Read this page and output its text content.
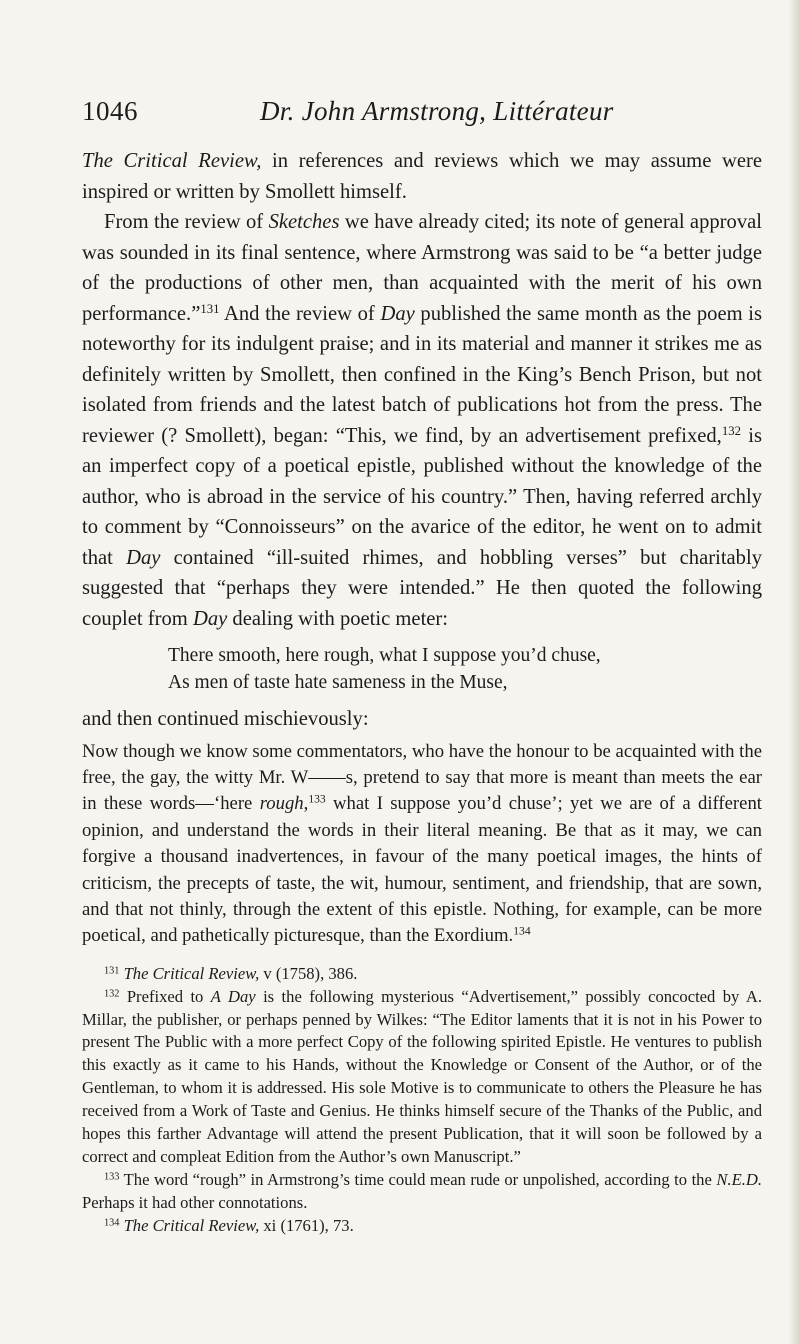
1046	Dr. John Armstrong, Littérateur

The Critical Review, in references and reviews which we may assume were inspired or written by Smollett himself.

From the review of Sketches we have already cited; its note of general approval was sounded in its final sentence, where Armstrong was said to be “a better judge of the productions of other men, than acquainted with the merit of his own performance.”$^{131}$ And the review of Day published the same month as the poem is noteworthy for its indulgent praise; and in its material and manner it strikes me as definitely written by Smollett, then confined in the King’s Bench Prison, but not isolated from friends and the latest batch of publications hot from the press. The reviewer (? Smollett), began: “This, we find, by an advertisement prefixed,$^{132}$ is an imperfect copy of a poetical epistle, published without the knowledge of the author, who is abroad in the service of his country.” Then, having referred archly to comment by “Connoisseurs” on the avarice of the editor, he went on to admit that Day contained “ill-suited rhimes, and hobbling verses” but charitably suggested that “perhaps they were intended.” He then quoted the following couplet from Day dealing with poetic meter:

There smooth, here rough, what I suppose you’d chuse,
As men of taste hate sameness in the Muse,

and then continued mischievously:

Now though we know some commentators, who have the honour to be acquainted with the free, the gay, the witty Mr. W——s, pretend to say that more is meant than meets the ear in these words—‘here rough,$^{133}$ what I suppose you’d chuse’; yet we are of a different opinion, and understand the words in their literal meaning. Be that as it may, we can forgive a thousand inadvertences, in favour of the many poetical images, the hints of criticism, the precepts of taste, the wit, humour, sentiment, and friendship, that are sown, and that not thinly, through the extent of this epistle. Nothing, for example, can be more poetical, and pathetically picturesque, than the Exordium.$^{134}$

$^{131}$ The Critical Review, v (1758), 386.

$^{132}$ Prefixed to A Day is the following mysterious “Advertisement,” possibly concocted by A. Millar, the publisher, or perhaps penned by Wilkes: “The Editor laments that it is not in his Power to present The Public with a more perfect Copy of the following spirited Epistle. He ventures to publish this exactly as it came to his Hands, without the Knowledge or Consent of the Author, or of the Gentleman, to whom it is addressed. His sole Motive is to communicate to others the Pleasure he has received from a Work of Taste and Genius. He thinks himself secure of the Thanks of the Public, and hopes this farther Advantage will attend the present Publication, that it will soon be followed by a correct and compleat Edition from the Author’s own Manuscript.”

$^{133}$ The word “rough” in Armstrong’s time could mean rude or unpolished, according to the N.E.D. Perhaps it had other connotations.

$^{134}$ The Critical Review, xi (1761), 73.
